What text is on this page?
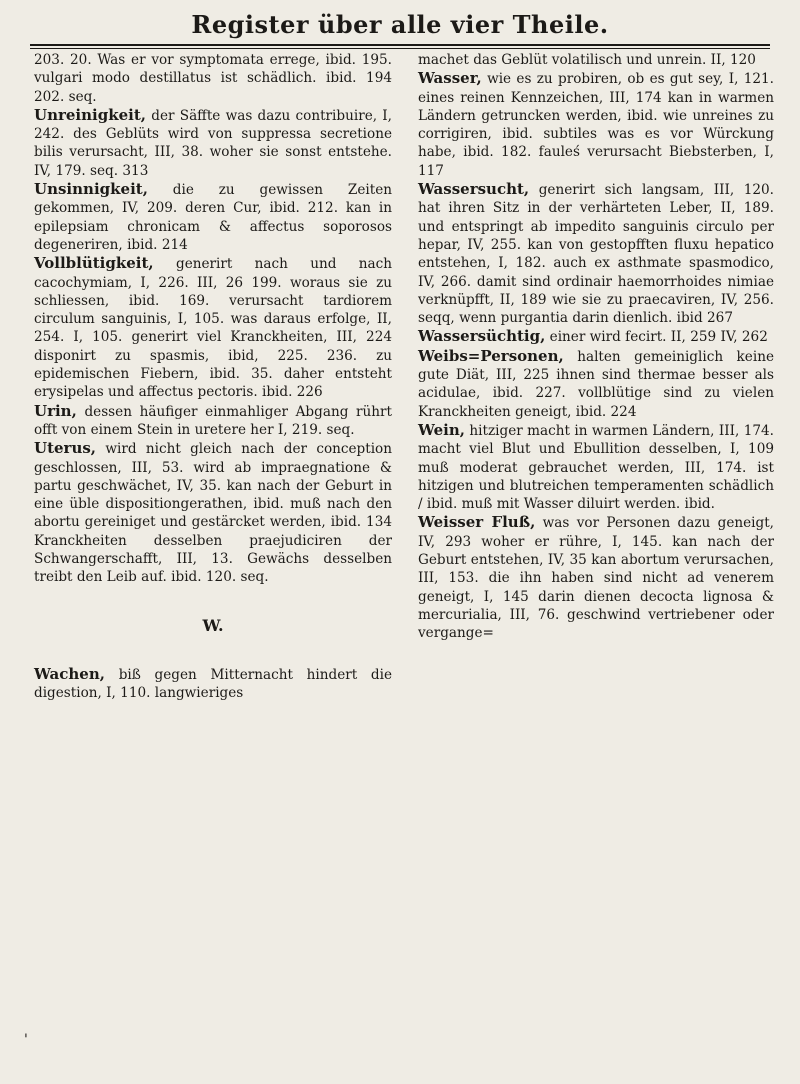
Register über alle vier Theile.

203. 20. Was er vor symptomata errege, ibid. 195. vulgari modo destillatus ist schädlich. ibid. 194 202. seq.

Unreinigkeit, der Säffte was dazu contribuire, I, 242. des Geblüts wird von suppressa secretione bilis verursacht, III, 38. woher sie sonst entstehe. IV, 179. seq. 313

Unsinnigkeit, die zu gewissen Zeiten gekommen, IV, 209. deren Cur, ibid. 212. kan in epilepsiam chronicam & affectus soporosos degeneriren, ibid. 214

Vollblütigkeit, generirt nach und nach cacochymiam, I, 226. III, 26 199. woraus sie zu schliessen, ibid. 169. verursacht tardiorem circulum sanguinis, I, 105. was daraus erfolge, II, 254. I, 105. generirt viel Kranckheiten, III, 224 disponirt zu spasmis, ibid, 225. 236. zu epidemischen Fiebern, ibid. 35. daher entsteht erysipelas und affectus pectoris. ibid. 226

Urin, dessen häufiger einmahliger Abgang rührt offt von einem Stein in uretere her I, 219. seq.

Uterus, wird nicht gleich nach der conception geschlossen, III, 53. wird ab impraegnatione & partu geschwächet, IV, 35. kan nach der Geburt in eine üble dispositiongerathen, ibid. muß nach den abortu gereiniget und gestärcket werden, ibid. 134 Kranckheiten desselben praejudiciren der Schwangerschafft, III, 13. Gewächs desselben treibt den Leib auf. ibid. 120. seq.

W.

Wachen, biß gegen Mitternacht hindert die digestion, I, 110. langwieriges

machet das Geblüt volatilisch und unrein. II, 120

Wasser, wie es zu probiren, ob es gut sey, I, 121. eines reinen Kennzeichen, III, 174 kan in warmen Ländern getruncken werden, ibid. wie unreines zu corrigiren, ibid. subtiles was es vor Würckung habe, ibid. 182. fauleś verursacht Biebsterben, I, 117

Wassersucht, generirt sich langsam, III, 120. hat ihren Sitz in der verhärteten Leber, II, 189. und entspringt ab impedito sanguinis circulo per hepar, IV, 255. kan von gestopfften fluxu hepatico entstehen, I, 182. auch ex asthmate spasmodico, IV, 266. damit sind ordinair haemorrhoides nimiae verknüpfft, II, 189 wie sie zu praecaviren, IV, 256. seqq, wenn purgantia darin dienlich. ibid 267

Wassersüchtig, einer wird fecirt. II, 259 IV, 262

Weibs=Personen, halten gemeiniglich keine gute Diät, III, 225 ihnen sind thermae besser als acidulae, ibid. 227. vollblütige sind zu vielen Kranckheiten geneigt, ibid. 224

Wein, hitziger macht in warmen Ländern, III, 174. macht viel Blut und Ebullition desselben, I, 109 muß moderat gebrauchet werden, III, 174. ist hitzigen und blutreichen temperamenten schädlich / ibid. muß mit Wasser diluirt werden. ibid.

Weisser Fluß, was vor Personen dazu geneigt, IV, 293 woher er rühre, I, 145. kan nach der Geburt entstehen, IV, 35 kan abortum verursachen, III, 153. die ihn haben sind nicht ad venerem geneigt, I, 145 darin dienen decocta lignosa & mercurialia, III, 76. geschwind vertriebener oder vergange=

'
